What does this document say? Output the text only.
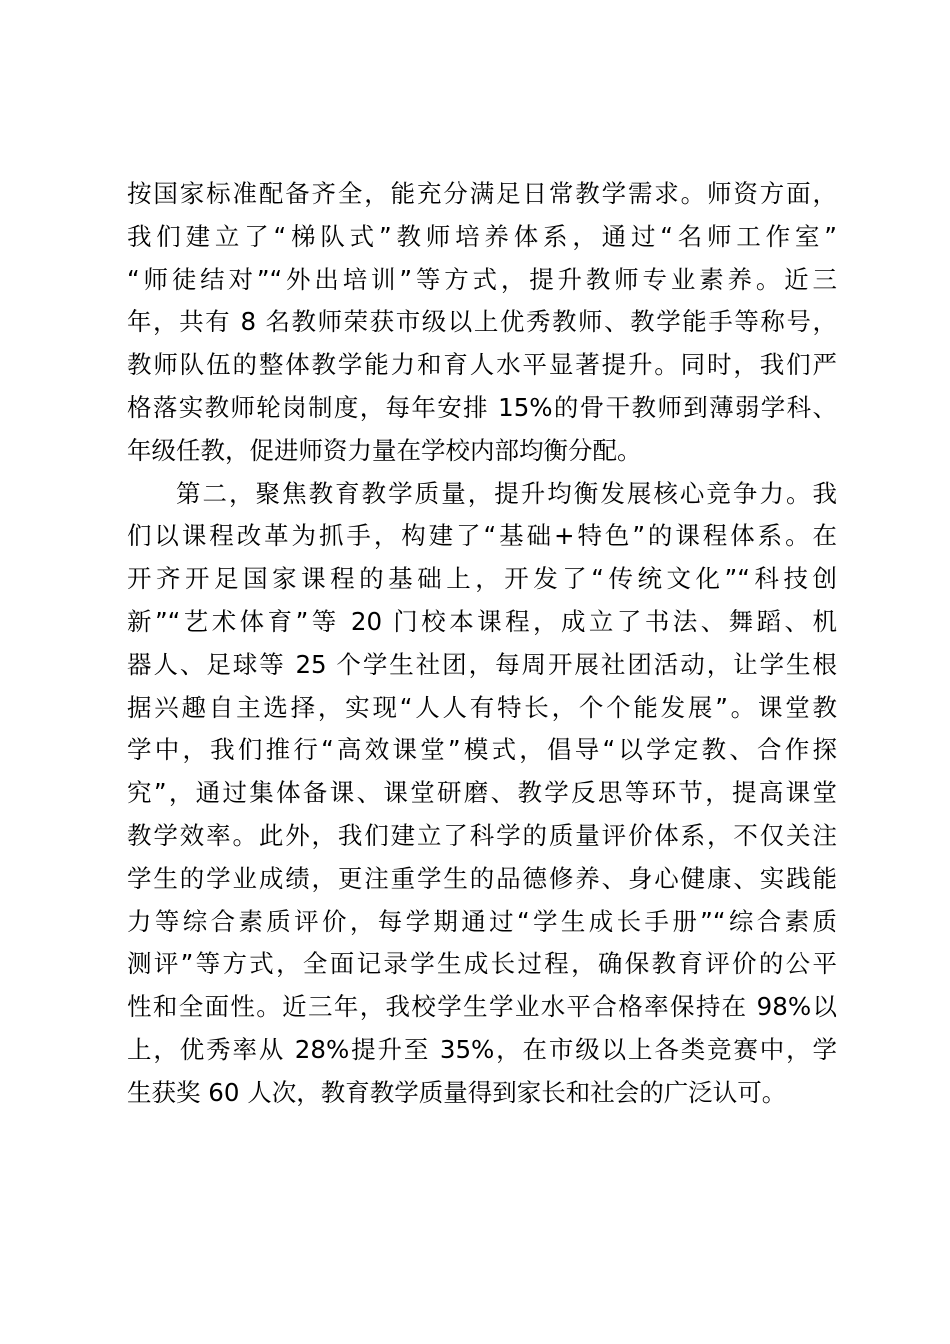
按国家标准配备齐全，能充分满足日常教学需求。师资方面，
我们建立了“梯队式”教师培养体系，通过“名师工作室”
“师徒结对”“外出培训”等方式，提升教师专业素养。近三
年，共有 8 名教师荣获市级以上优秀教师、教学能手等称号，
教师队伍的整体教学能力和育人水平显著提升。同时，我们严
格落实教师轮岗制度，每年安排 15%的骨干教师到薄弱学科、
年级任教，促进师资力量在学校内部均衡分配。
第二，聚焦教育教学质量，提升均衡发展核心竞争力。我
们以课程改革为抓手，构建了“基础+特色”的课程体系。在
开齐开足国家课程的基础上，开发了“传统文化”“科技创
新”“艺术体育”等 20 门校本课程，成立了书法、舞蹈、机
器人、足球等 25 个学生社团，每周开展社团活动，让学生根
据兴趣自主选择，实现“人人有特长，个个能发展”。课堂教
学中，我们推行“高效课堂”模式，倡导“以学定教、合作探
究”，通过集体备课、课堂研磨、教学反思等环节，提高课堂
教学效率。此外，我们建立了科学的质量评价体系，不仅关注
学生的学业成绩，更注重学生的品德修养、身心健康、实践能
力等综合素质评价，每学期通过“学生成长手册”“综合素质
测评”等方式，全面记录学生成长过程，确保教育评价的公平
性和全面性。近三年，我校学生学业水平合格率保持在 98%以
上，优秀率从 28%提升至 35%，在市级以上各类竞赛中，学
生获奖 60 人次，教育教学质量得到家长和社会的广泛认可。
